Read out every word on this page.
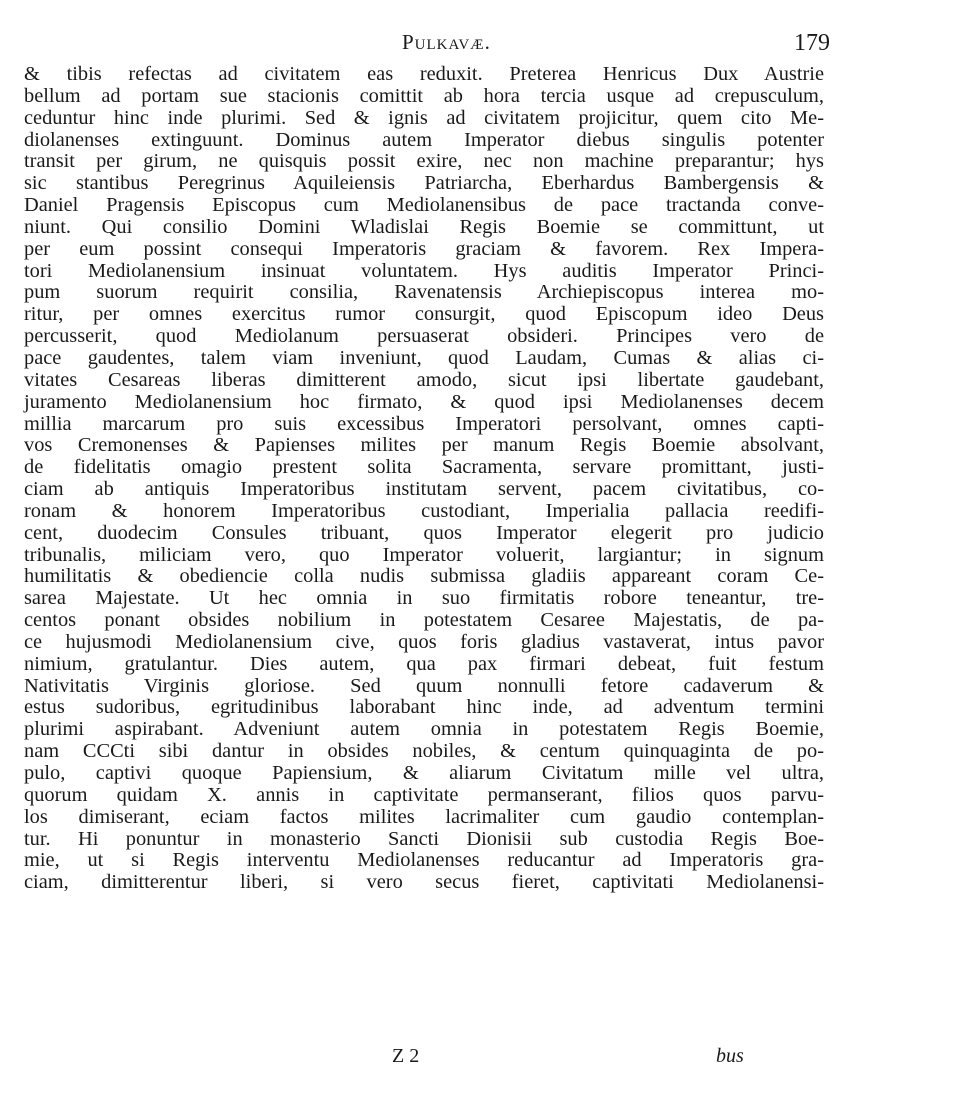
Pulkavæ.	179
& tibis refectas ad civitatem eas reduxit. Preterea Henricus Dux Austrie
bellum ad portam sue stacionis comittit ab hora tercia usque ad crepusculum,
ceduntur hinc inde plurimi. Sed & ignis ad civitatem projicitur, quem cito Me-
diolanenses extinguunt. Dominus autem Imperator diebus singulis potenter
transit per girum, ne quisquis possit exire, nec non machine preparantur; hys
sic stantibus Peregrinus Aquileiensis Patriarcha, Eberhardus Bambergensis &
Daniel Pragensis Episcopus cum Mediolanensibus de pace tractanda conve-
niunt. Qui consilio Domini Wladislai Regis Boemie se committunt, ut
per eum possint consequi Imperatoris graciam & favorem. Rex Impera-
tori Mediolanensium insinuat voluntatem. Hys auditis Imperator Princi-
pum suorum requirit consilia, Ravenatensis Archiepiscopus interea mo-
ritur, per omnes exercitus rumor consurgit, quod Episcopum ideo Deus
percusserit, quod Mediolanum persuaserat obsideri. Principes vero de
pace gaudentes, talem viam inveniunt, quod Laudam, Cumas & alias ci-
vitates Cesareas liberas dimitterent amodo, sicut ipsi libertate gaudebant,
juramento Mediolanensium hoc firmato, & quod ipsi Mediolanenses decem
millia marcarum pro suis excessibus Imperatori persolvant, omnes capti-
vos Cremonenses & Papienses milites per manum Regis Boemie absolvant,
de fidelitatis omagio prestent solita Sacramenta, servare promittant, justi-
ciam ab antiquis Imperatoribus institutam servent, pacem civitatibus, co-
ronam & honorem Imperatoribus custodiant, Imperialia pallacia reedifi-
cent, duodecim Consules tribuant, quos Imperator elegerit pro judicio
tribunalis, miliciam vero, quo Imperator voluerit, largiantur; in signum
humilitatis & obediencie colla nudis submissa gladiis appareant coram Ce-
sarea Majestate. Ut hec omnia in suo firmitatis robore teneantur, tre-
centos ponant obsides nobilium in potestatem Cesaree Majestatis, de pa-
ce hujusmodi Mediolanensium cive, quos foris gladius vastaverat, intus pavor
nimium, gratulantur. Dies autem, qua pax firmari debeat, fuit festum
Nativitatis Virginis gloriose. Sed quum nonnulli fetore cadaverum &
estus sudoribus, egritudinibus laborabant hinc inde, ad adventum termini
plurimi aspirabant. Adveniunt autem omnia in potestatem Regis Boemie,
nam CCCti sibi dantur in obsides nobiles, & centum quinquaginta de po-
pulo, captivi quoque Papiensium, & aliarum Civitatum mille vel ultra,
quorum quidam X. annis in captivitate permanserant, filios quos parvu-
los dimiserant, eciam factos milites lacrimaliter cum gaudio contemplan-
tur. Hi ponuntur in monasterio Sancti Dionisii sub custodia Regis Boe-
mie, ut si Regis interventu Mediolanenses reducantur ad Imperatoris gra-
ciam, dimitterentur liberi, si vero secus fieret, captivitati Mediolanensi-
Z 2	bus
